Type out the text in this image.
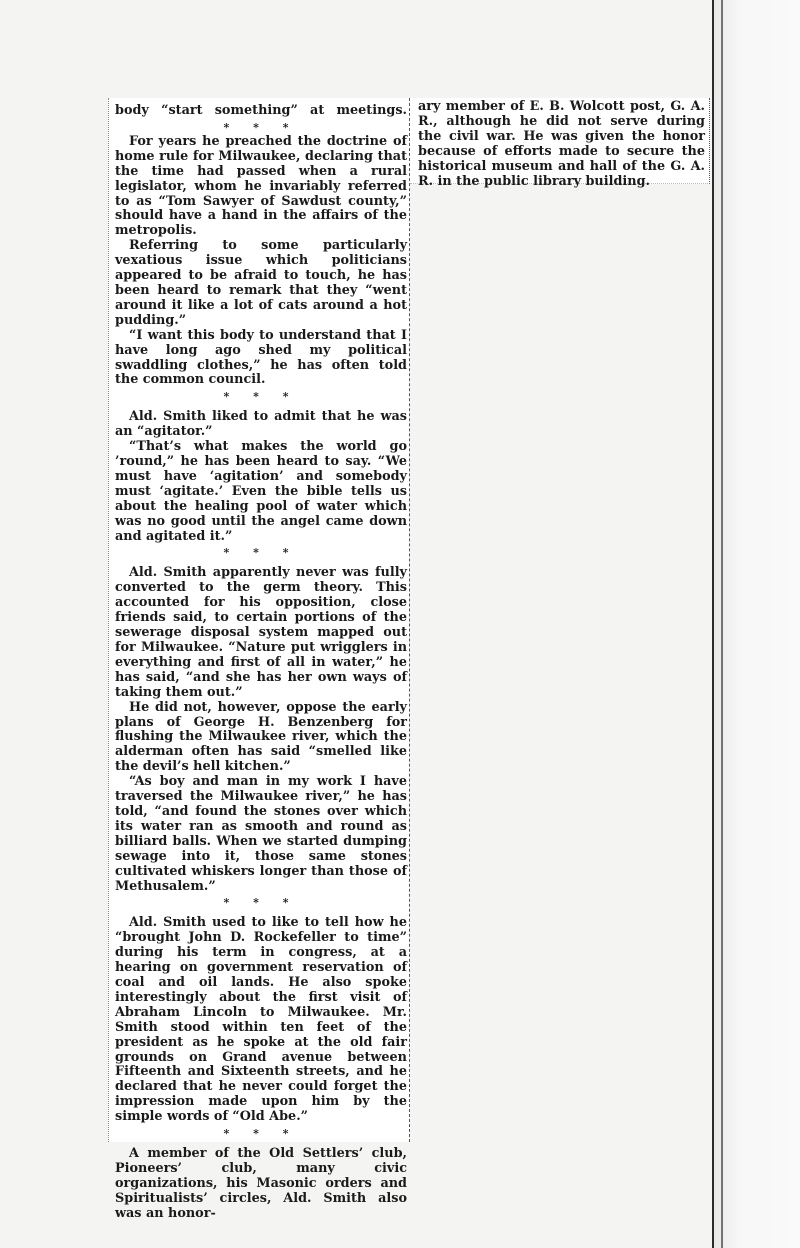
body “start something” at meetings.

* * *

For years he preached the doctrine of home rule for Milwaukee, declaring that the time had passed when a rural legislator, whom he invariably referred to as “Tom Sawyer of Sawdust county,” should have a hand in the affairs of the metropolis.

Referring to some particularly vexatious issue which politicians appeared to be afraid to touch, he has been heard to remark that they “went around it like a lot of cats around a hot pudding.”

“I want this body to understand that I have long ago shed my political swaddling clothes,” he has often told the common council.

* * *

Ald. Smith liked to admit that he was an “agitator.”

“That’s what makes the world go ’round,” he has been heard to say. “We must have ‘agitation’ and somebody must ‘agitate.’ Even the bible tells us about the healing pool of water which was no good until the angel came down and agitated it.”

* * *

Ald. Smith apparently never was fully converted to the germ theory. This accounted for his opposition, close friends said, to certain portions of the sewerage disposal system mapped out for Milwaukee. “Nature put wrigglers in everything and first of all in water,” he has said, “and she has her own ways of taking them out.”

He did not, however, oppose the early plans of George H. Benzenberg for flushing the Milwaukee river, which the alderman often has said “smelled like the devil’s hell kitchen.”

“As boy and man in my work I have traversed the Milwaukee river,” he has told, “and found the stones over which its water ran as smooth and round as billiard balls. When we started dumping sewage into it, those same stones cultivated whiskers longer than those of Methusalem.”

* * *

Ald. Smith used to like to tell how he “brought John D. Rockefeller to time” during his term in congress, at a hearing on government reservation of coal and oil lands. He also spoke interestingly about the first visit of Abraham Lincoln to Milwaukee. Mr. Smith stood within ten feet of the president as he spoke at the old fair grounds on Grand avenue between Fifteenth and Sixteenth streets, and he declared that he never could forget the impression made upon him by the simple words of “Old Abe.”

* * *

A member of the Old Settlers’ club, Pioneers’ club, many civic organizations, his Masonic orders and Spiritualists’ circles, Ald. Smith also was an honor-

ary member of E. B. Wolcott post, G. A. R., although he did not serve during the civil war. He was given the honor because of efforts made to secure the historical museum and hall of the G. A. R. in the public library building.
